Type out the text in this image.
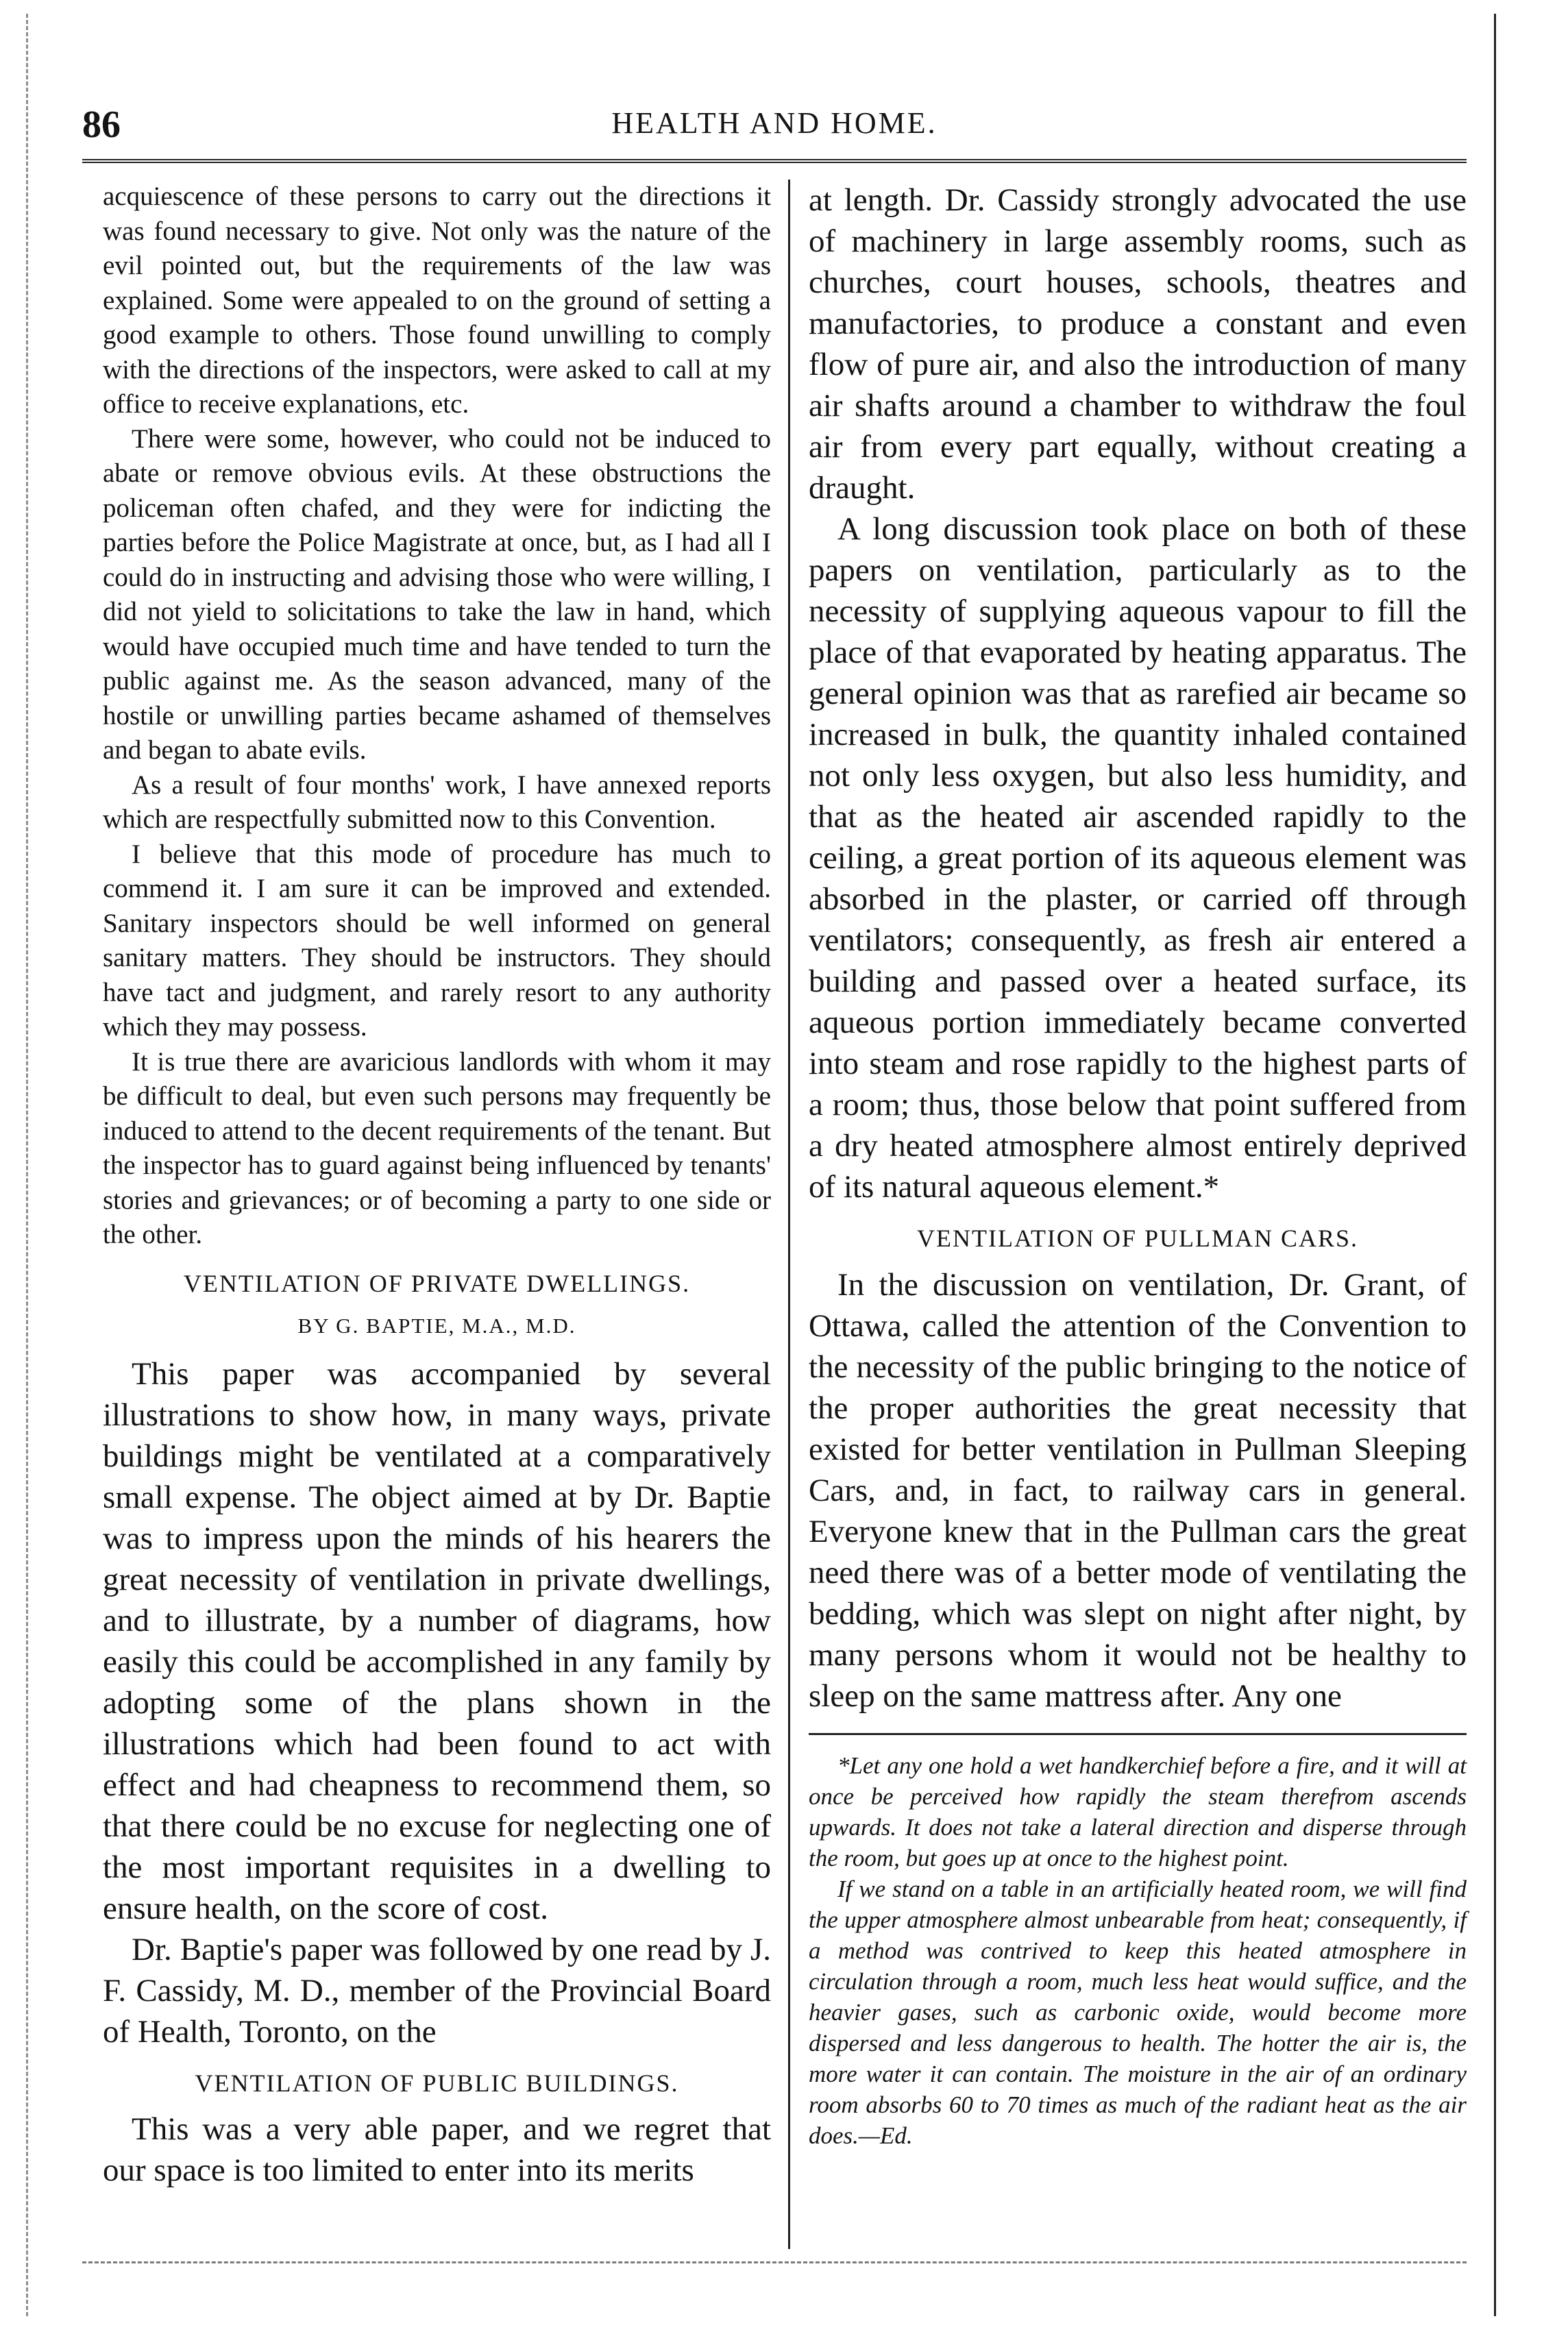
86	HEALTH AND HOME.

acquiescence of these persons to carry out the directions it was found necessary to give. Not only was the nature of the evil pointed out, but the requirements of the law was explained. Some were appealed to on the ground of setting a good example to others. Those found unwilling to comply with the directions of the inspectors, were asked to call at my office to receive explanations, etc.

There were some, however, who could not be induced to abate or remove obvious evils. At these obstructions the policeman often chafed, and they were for indicting the parties before the Police Magistrate at once, but, as I had all I could do in instructing and advising those who were willing, I did not yield to solicitations to take the law in hand, which would have occupied much time and have tended to turn the public against me. As the season advanced, many of the hostile or unwilling parties became ashamed of themselves and began to abate evils.

As a result of four months' work, I have annexed reports which are respectfully submitted now to this Convention.

I believe that this mode of procedure has much to commend it. I am sure it can be improved and extended. Sanitary inspectors should be well informed on general sanitary matters. They should be instructors. They should have tact and judgment, and rarely resort to any authority which they may possess.

It is true there are avaricious landlords with whom it may be difficult to deal, but even such persons may frequently be induced to attend to the decent requirements of the tenant. But the inspector has to guard against being influenced by tenants' stories and grievances; or of becoming a party to one side or the other.

VENTILATION OF PRIVATE DWELLINGS.
BY G. BAPTIE, M.A., M.D.

This paper was accompanied by several illustrations to show how, in many ways, private buildings might be ventilated at a comparatively small expense. The object aimed at by Dr. Baptie was to impress upon the minds of his hearers the great necessity of ventilation in private dwellings, and to illustrate, by a number of diagrams, how easily this could be accomplished in any family by adopting some of the plans shown in the illustrations which had been found to act with effect and had cheapness to recommend them, so that there could be no excuse for neglecting one of the most important requisites in a dwelling to ensure health, on the score of cost.

Dr. Baptie's paper was followed by one read by J. F. Cassidy, M. D., member of the Provincial Board of Health, Toronto, on the

VENTILATION OF PUBLIC BUILDINGS.

This was a very able paper, and we regret that our space is too limited to enter into its merits

at length. Dr. Cassidy strongly advocated the use of machinery in large assembly rooms, such as churches, court houses, schools, theatres and manufactories, to produce a constant and even flow of pure air, and also the introduction of many air shafts around a chamber to withdraw the foul air from every part equally, without creating a draught.

A long discussion took place on both of these papers on ventilation, particularly as to the necessity of supplying aqueous vapour to fill the place of that evaporated by heating apparatus. The general opinion was that as rarefied air became so increased in bulk, the quantity inhaled contained not only less oxygen, but also less humidity, and that as the heated air ascended rapidly to the ceiling, a great portion of its aqueous element was absorbed in the plaster, or carried off through ventilators; consequently, as fresh air entered a building and passed over a heated surface, its aqueous portion immediately became converted into steam and rose rapidly to the highest parts of a room; thus, those below that point suffered from a dry heated atmosphere almost entirely deprived of its natural aqueous element.*

VENTILATION OF PULLMAN CARS.

In the discussion on ventilation, Dr. Grant, of Ottawa, called the attention of the Convention to the necessity of the public bringing to the notice of the proper authorities the great necessity that existed for better ventilation in Pullman Sleeping Cars, and, in fact, to railway cars in general. Everyone knew that in the Pullman cars the great need there was of a better mode of ventilating the bedding, which was slept on night after night, by many persons whom it would not be healthy to sleep on the same mattress after. Any one

*Let any one hold a wet handkerchief before a fire, and it will at once be perceived how rapidly the steam therefrom ascends upwards. It does not take a lateral direction and disperse through the room, but goes up at once to the highest point.

If we stand on a table in an artificially heated room, we will find the upper atmosphere almost unbearable from heat; consequently, if a method was contrived to keep this heated atmosphere in circulation through a room, much less heat would suffice, and the heavier gases, such as carbonic oxide, would become more dispersed and less dangerous to health. The hotter the air is, the more water it can contain. The moisture in the air of an ordinary room absorbs 60 to 70 times as much of the radiant heat as the air does.—Ed.
